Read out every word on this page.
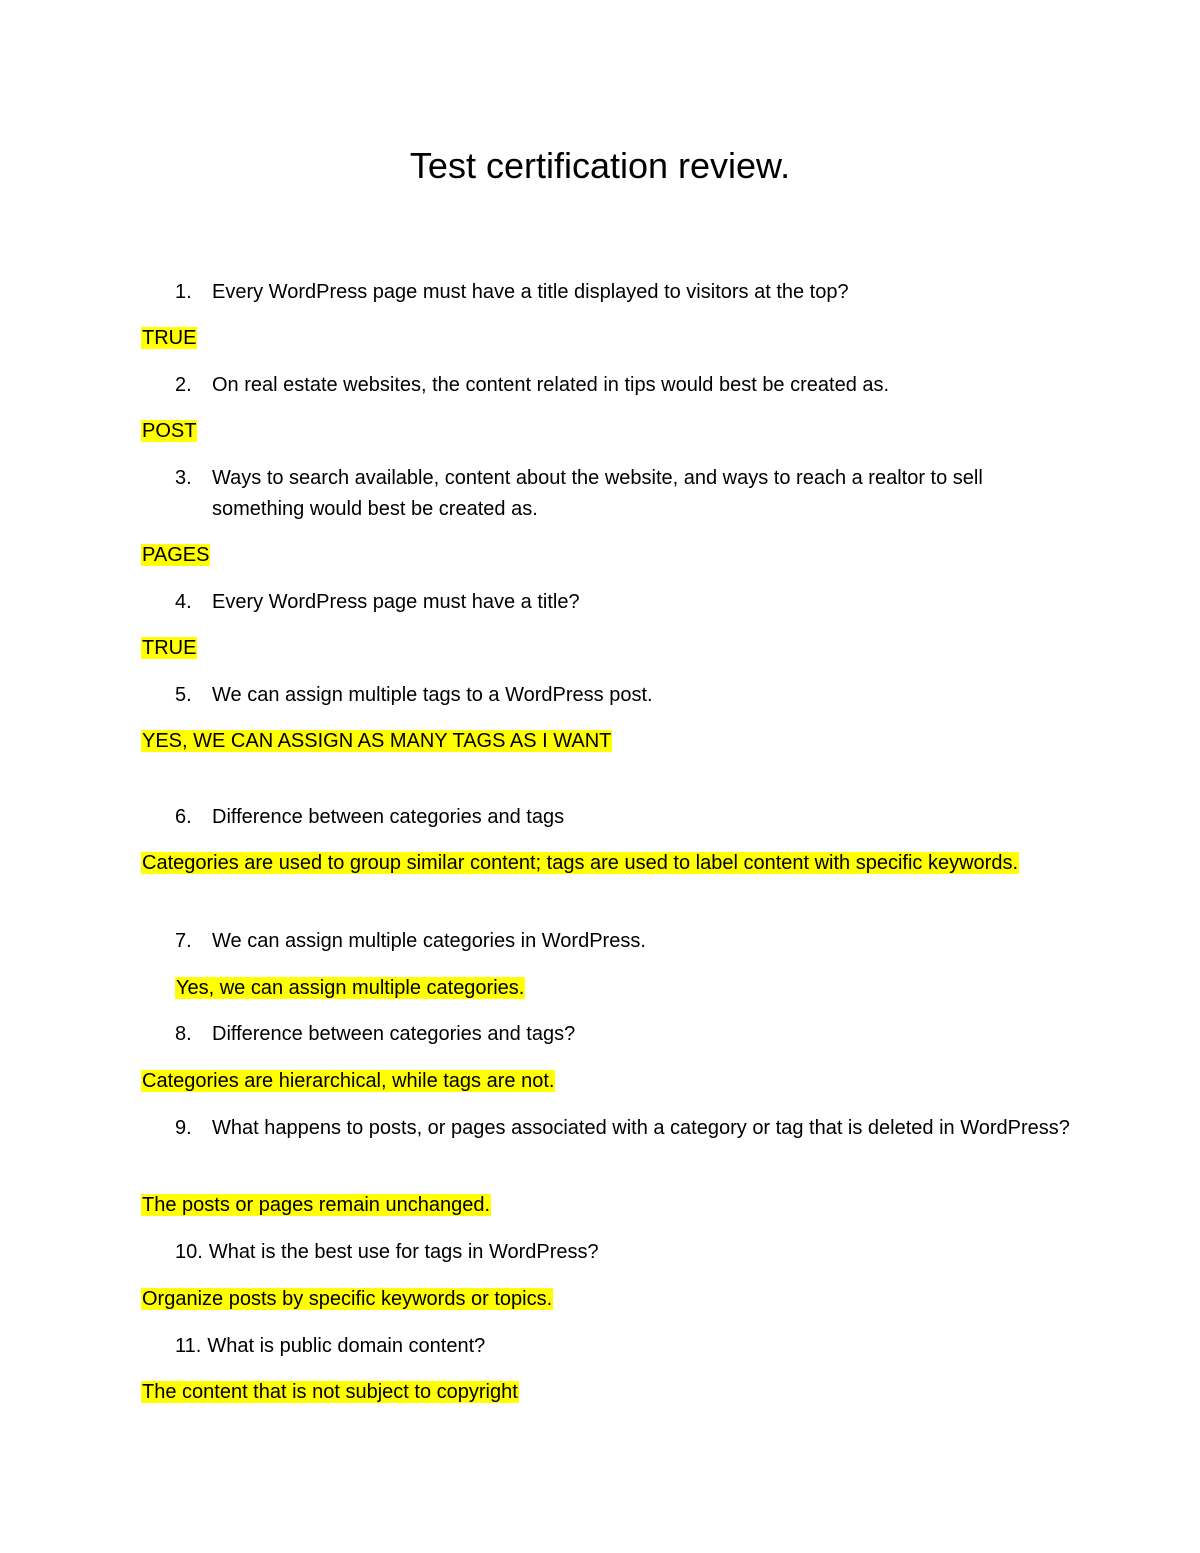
Test certification review.
1. Every WordPress page must have a title displayed to visitors at the top?
TRUE
2. On real estate websites, the content related in tips would best be created as.
POST
3. Ways to search available, content about the website, and ways to reach a realtor to sell something would best be created as.
PAGES
4. Every WordPress page must have a title?
TRUE
5. We can assign multiple tags to a WordPress post.
YES, WE CAN ASSIGN AS MANY TAGS AS I WANT
6. Difference between categories and tags
Categories are used to group similar content; tags are used to label content with specific keywords.
7. We can assign multiple categories in WordPress.
Yes, we can assign multiple categories.
8. Difference between categories and tags?
Categories are hierarchical, while tags are not.
9. What happens to posts, or pages associated with a category or tag that is deleted in WordPress?
The posts or pages remain unchanged.
10. What is the best use for tags in WordPress?
Organize posts by specific keywords or topics.
11. What is public domain content?
The content that is not subject to copyright
